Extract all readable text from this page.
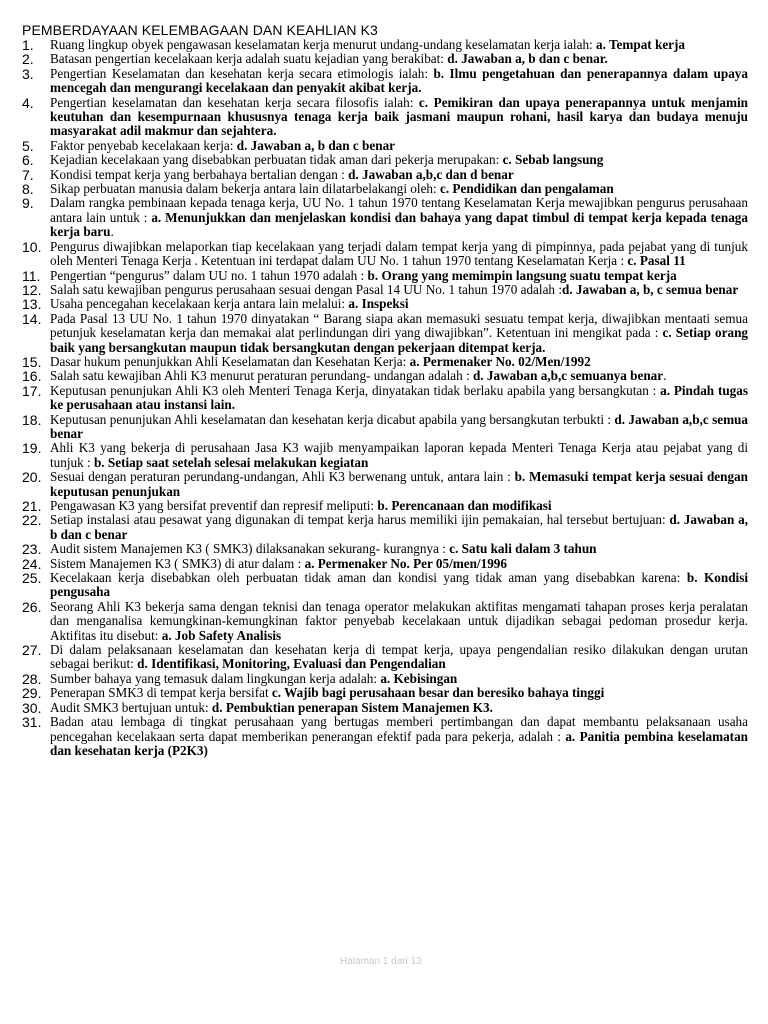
PEMBERDAYAAN KELEMBAGAAN DAN KEAHLIAN K3
1. Ruang lingkup obyek pengawasan keselamatan kerja menurut undang-undang keselamatan kerja ialah: a. Tempat kerja
2. Batasan pengertian kecelakaan kerja adalah suatu kejadian yang berakibat: d. Jawaban a, b dan c benar.
3. Pengertian Keselamatan dan kesehatan kerja secara etimologis ialah: b. Ilmu pengetahuan dan penerapannya dalam upaya mencegah dan mengurangi kecelakaan dan penyakit akibat kerja.
4. Pengertian keselamatan dan kesehatan kerja secara filosofis ialah: c. Pemikiran dan upaya penerapannya untuk menjamin keutuhan dan kesempurnaan khususnya tenaga kerja baik jasmani maupun rohani, hasil karya dan budaya menuju masyarakat adil makmur dan sejahtera.
5. Faktor penyebab kecelakaan kerja: d. Jawaban a, b dan c benar
6. Kejadian kecelakaan yang disebabkan perbuatan tidak aman dari pekerja merupakan: c. Sebab langsung
7. Kondisi tempat kerja yang berbahaya bertalian dengan : d. Jawaban a,b,c dan d benar
8. Sikap perbuatan manusia dalam bekerja antara lain dilatarbelakangi oleh: c. Pendidikan dan pengalaman
9. Dalam rangka pembinaan kepada tenaga kerja, UU No. 1 tahun 1970 tentang Keselamatan Kerja mewajibkan pengurus perusahaan antara lain untuk : a. Menunjukkan dan menjelaskan kondisi dan bahaya yang dapat timbul di tempat kerja kepada tenaga kerja baru.
10. Pengurus diwajibkan melaporkan tiap kecelakaan yang terjadi dalam tempat kerja yang di pimpinnya, pada pejabat yang di tunjuk oleh Menteri Tenaga Kerja . Ketentuan ini terdapat dalam UU No. 1 tahun 1970 tentang Keselamatan Kerja : c. Pasal 11
11. Pengertian “pengurus” dalam UU no. 1 tahun 1970 adalah : b. Orang yang memimpin langsung suatu tempat kerja
12. Salah satu kewajiban pengurus perusahaan sesuai dengan Pasal 14 UU No. 1 tahun 1970 adalah :d. Jawaban a, b, c semua benar
13. Usaha pencegahan kecelakaan kerja antara lain melalui: a. Inspeksi
14. Pada Pasal 13 UU No. 1 tahun 1970 dinyatakan “ Barang siapa akan memasuki sesuatu tempat kerja, diwajibkan mentaati semua petunjuk keselamatan kerja dan memakai alat perlindungan diri yang diwajibkan”. Ketentuan ini mengikat pada : c. Setiap orang baik yang bersangkutan maupun tidak bersangkutan dengan pekerjaan ditempat kerja.
15. Dasar hukum penunjukkan Ahli Keselamatan dan Kesehatan Kerja: a. Permenaker No. 02/Men/1992
16. Salah satu kewajiban Ahli K3 menurut peraturan perundang- undangan adalah : d. Jawaban a,b,c semuanya benar.
17. Keputusan penunjukan Ahli K3 oleh Menteri Tenaga Kerja, dinyatakan tidak berlaku apabila yang bersangkutan : a. Pindah tugas ke perusahaan atau instansi lain.
18. Keputusan penunjukan Ahli keselamatan dan kesehatan kerja dicabut apabila yang bersangkutan terbukti : d. Jawaban a,b,c semua benar
19. Ahli K3 yang bekerja di perusahaan Jasa K3 wajib menyampaikan laporan kepada Menteri Tenaga Kerja atau pejabat yang di tunjuk : b. Setiap saat setelah selesai melakukan kegiatan
20. Sesuai dengan peraturan perundang-undangan, Ahli K3 berwenang untuk, antara lain : b. Memasuki tempat kerja sesuai dengan keputusan penunjukan
21. Pengawasan K3 yang bersifat preventif dan represif meliputi: b. Perencanaan dan modifikasi
22. Setiap instalasi atau pesawat yang digunakan di tempat kerja harus memiliki ijin pemakaian, hal tersebut bertujuan: d. Jawaban a, b dan c benar
23. Audit sistem Manajemen K3 ( SMK3) dilaksanakan sekurang- kurangnya : c. Satu kali dalam 3 tahun
24. Sistem Manajemen K3 ( SMK3) di atur dalam : a. Permenaker No. Per 05/men/1996
25. Kecelakaan kerja disebabkan oleh perbuatan tidak aman dan kondisi yang tidak aman yang disebabkan karena: b. Kondisi pengusaha
26. Seorang Ahli K3 bekerja sama dengan teknisi dan tenaga operator melakukan aktifitas mengamati tahapan proses kerja peralatan dan menganalisa kemungkinan-kemungkinan faktor penyebab kecelakaan untuk dijadikan sebagai pedoman prosedur kerja. Aktifitas itu disebut: a. Job Safety Analisis
27. Di dalam pelaksanaan keselamatan dan kesehatan kerja di tempat kerja, upaya pengendalian resiko dilakukan dengan urutan sebagai berikut: d. Identifikasi, Monitoring, Evaluasi dan Pengendalian
28. Sumber bahaya yang temasuk dalam lingkungan kerja adalah: a. Kebisingan
29. Penerapan SMK3 di tempat kerja bersifat c. Wajib bagi perusahaan besar dan beresiko bahaya tinggi
30. Audit SMK3 bertujuan untuk: d. Pembuktian penerapan Sistem Manajemen K3.
31. Badan atau lembaga di tingkat perusahaan yang bertugas memberi pertimbangan dan dapat membantu pelaksanaan usaha pencegahan kecelakaan serta dapat memberikan penerangan efektif pada para pekerja, adalah : a. Panitia pembina keselamatan dan kesehatan kerja (P2K3)
Halaman 1 dari 13
